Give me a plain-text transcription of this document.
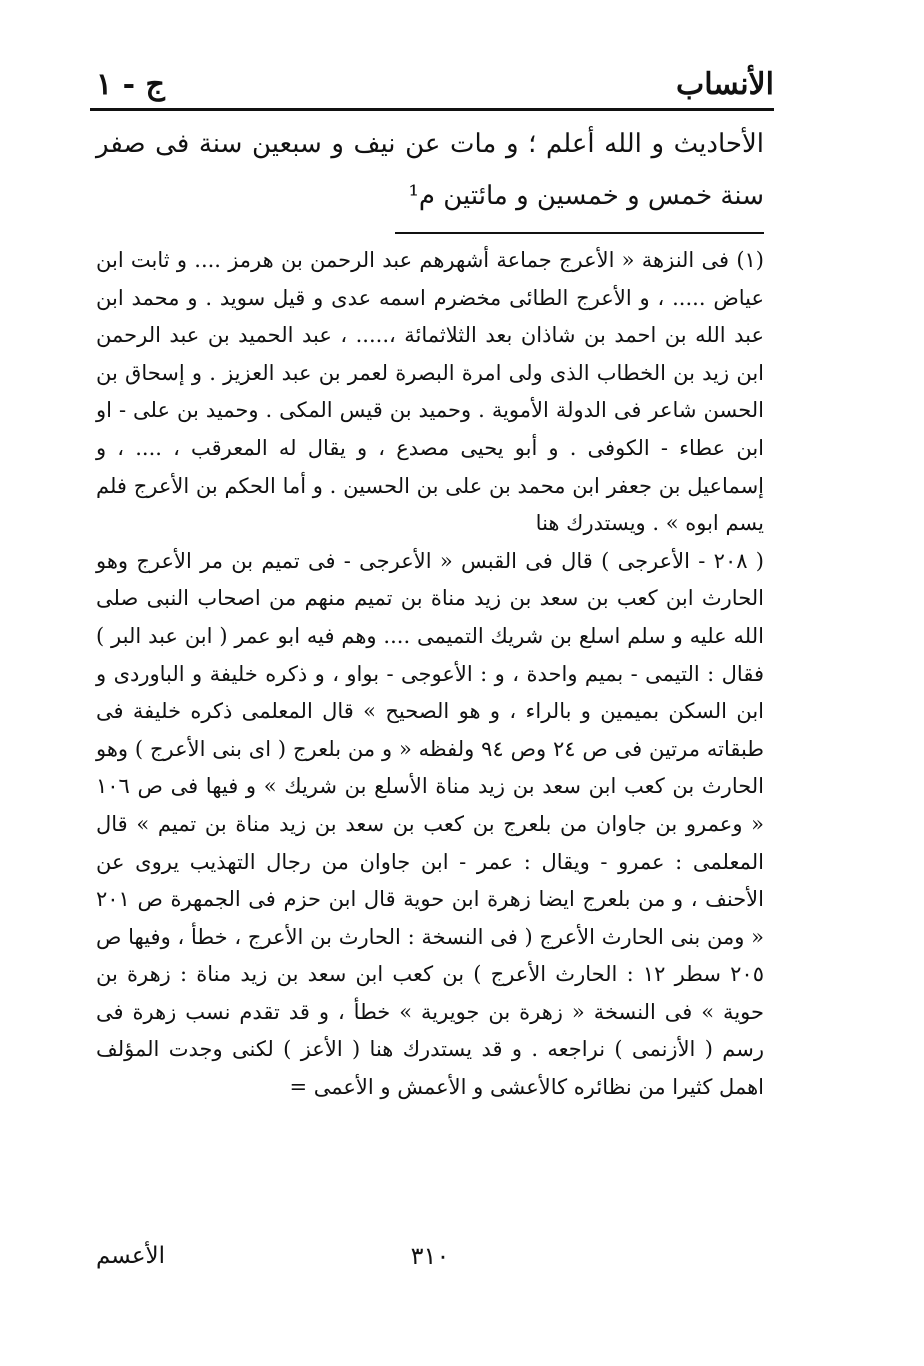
الأنساب
ج - ١

الأحاديث و الله أعلم ؛ و مات عن نيف و سبعين سنة فى صفر سنة خمس و خمسين و مائتين م¹

(١) فى النزهة « الأعرج جماعة أشهرهم عبد الرحمن بن هرمز .... و ثابت ابن عياض ..... ، و الأعرج الطائى مخضرم اسمه عدى و قيل سويد . و محمد ابن عبد الله بن احمد بن شاذان بعد الثلاثمائة ،..... ، عبد الحميد بن عبد الرحمن ابن زيد بن الخطاب الذى ولى امرة البصرة لعمر بن عبد العزيز . و إسحاق بن الحسن شاعر فى الدولة الأموية . وحميد بن قيس المكى . وحميد بن على - او ابن عطاء - الكوفى . و أبو يحيى مصدع ، و يقال له المعرقب ، .... ، و إسماعيل بن جعفر ابن محمد بن على بن الحسين . و أما الحكم بن الأعرج فلم يسم ابوه » . ويستدرك هنا

( ٢٠٨ - الأعرجى ) قال فى القبس « الأعرجى - فى تميم بن مر الأعرج وهو الحارث ابن كعب بن سعد بن زيد مناة بن تميم منهم من اصحاب النبى صلى الله عليه و سلم اسلع بن شريك التميمى .... وهم فيه ابو عمر ( ابن عبد البر ) فقال : التيمى - بميم واحدة ، و : الأعوجى - بواو ، و ذكره خليفة و الباوردى و ابن السكن بميمين و بالراء ، و هو الصحيح » قال المعلمى ذكره خليفة فى طبقاته مرتين فى ص ٢٤ وص ٩٤ ولفظه « و من بلعرج ( اى بنى الأعرج ) وهو الحارث بن كعب ابن سعد بن زيد مناة الأسلع بن شريك » و فيها فى ص ١٠٦ « وعمرو بن جاوان من بلعرج بن كعب بن سعد بن زيد مناة بن تميم » قال المعلمى : عمرو - ويقال : عمر - ابن جاوان من رجال التهذيب يروى عن الأحنف ، و من بلعرج ايضا زهرة ابن حوية قال ابن حزم فى الجمهرة ص ٢٠١ « ومن بنى الحارث الأعرج ( فى النسخة : الحارث بن الأعرج ، خطأ ، وفيها ص ٢٠٥ سطر ١٢ : الحارث الأعرج ) بن كعب ابن سعد بن زيد مناة : زهرة بن حوية » فى النسخة « زهرة بن جويرية » خطأ ، و قد تقدم نسب زهرة فى رسم ( الأزنمى ) نراجعه . و قد يستدرك هنا ( الأعز ) لكنى وجدت المؤلف اهمل كثيرا من نظائره كالأعشى و الأعمش و الأعمى =

٣١٠
الأعسم
